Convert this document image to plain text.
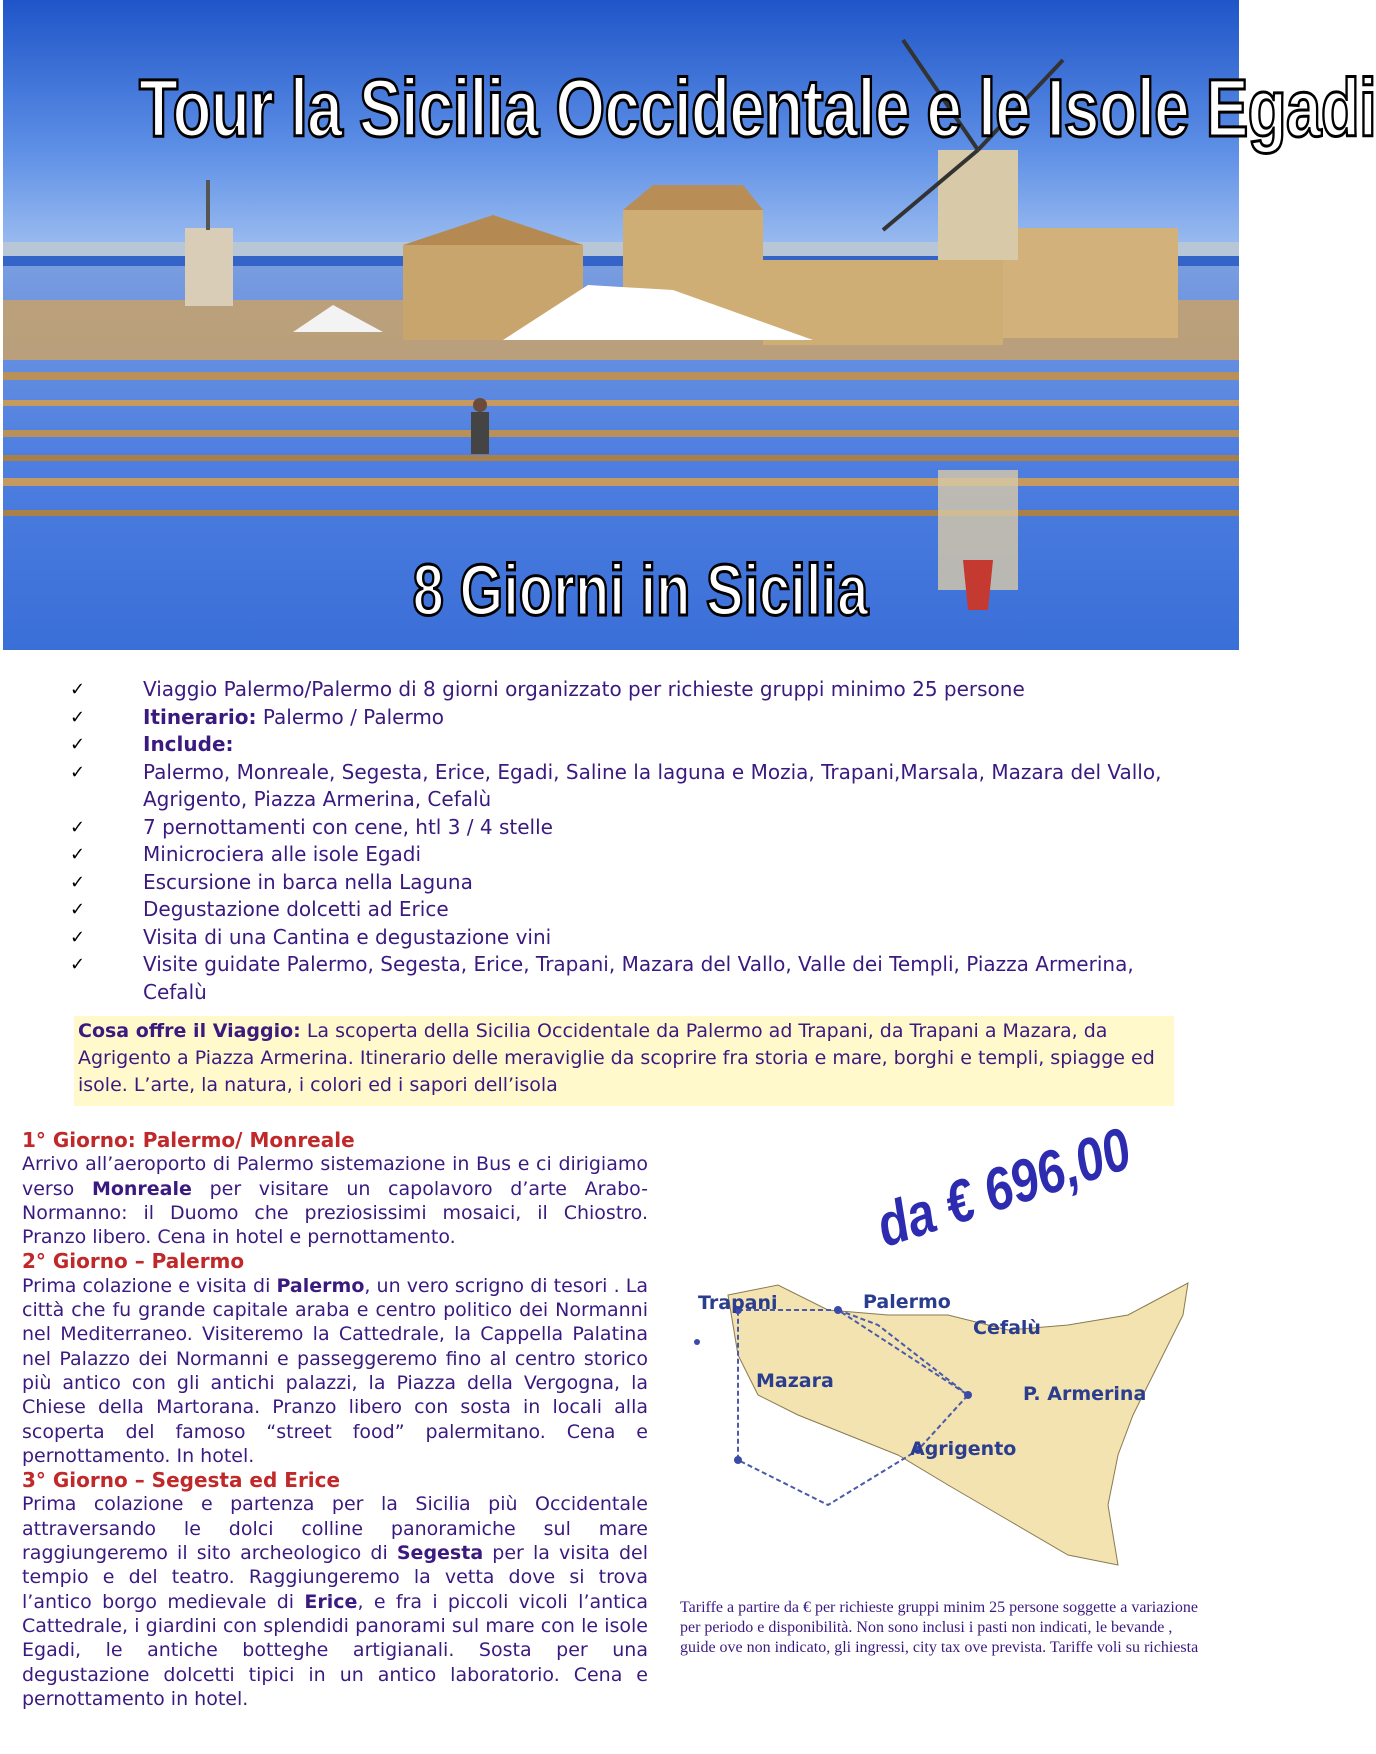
Tour la Sicilia Occidentale e le Isole Egadi
8 Giorni in Sicilia
✓	Viaggio Palermo/Palermo di 8 giorni organizzato per richieste gruppi minimo 25 persone
✓	Itinerario: Palermo / Palermo
✓	Include:
✓	Palermo, Monreale, Segesta, Erice, Egadi, Saline la laguna e Mozia, Trapani,Marsala, Mazara del Vallo, Agrigento, Piazza Armerina, Cefalù
✓	7 pernottamenti con cene, htl 3 / 4 stelle
✓	Minicrociera alle isole Egadi
✓	Escursione in barca nella Laguna
✓	Degustazione dolcetti ad Erice
✓	Visita di una Cantina e degustazione vini
✓	Visite guidate Palermo, Segesta, Erice, Trapani, Mazara del Vallo, Valle dei Templi, Piazza Armerina, Cefalù
Cosa offre il Viaggio: La scoperta della Sicilia Occidentale da Palermo ad Trapani, da Trapani a Mazara, da Agrigento a Piazza Armerina. Itinerario delle meraviglie da scoprire fra storia e mare, borghi e templi, spiagge ed isole. L’arte, la natura, i colori ed i sapori dell’isola
1° Giorno: Palermo/ Monreale

Arrivo all’aeroporto di Palermo sistemazione in Bus e ci dirigiamo verso Monreale per visitare un capolavoro d’arte Arabo-Normanno: il Duomo che preziosissimi mosaici, il Chiostro. Pranzo libero. Cena in hotel e pernottamento.

2° Giorno – Palermo

Prima colazione e visita di Palermo, un vero scrigno di tesori . La città che fu grande capitale araba e centro politico dei Normanni nel Mediterraneo. Visiteremo la Cattedrale, la Cappella Palatina nel Palazzo dei Normanni e passeggeremo fino al centro storico più antico con gli antichi palazzi, la Piazza della Vergogna, la Chiese della Martorana. Pranzo libero con sosta in locali alla scoperta del famoso “street food” palermitano. Cena e pernottamento. In hotel.

3° Giorno – Segesta ed Erice

Prima colazione e partenza per la Sicilia più Occidentale attraversando le dolci colline panoramiche sul mare raggiungeremo il sito archeologico di Segesta per la visita del tempio e del teatro. Raggiungeremo la vetta dove si trova l’antico borgo medievale di Erice, e fra i piccoli vicoli l’antica Cattedrale, i giardini con splendidi panorami sul mare con le isole Egadi, le antiche botteghe artigianali. Sosta per una degustazione dolcetti tipici in un antico laboratorio. Cena e pernottamento in hotel.

da € 696,00
Trapani	Palermo
Cefalù
Mazara
P. Armerina
Agrigento
Tariffe a partire da € per richieste gruppi minim 25 persone soggette a variazione per periodo e disponibilità. Non sono inclusi i pasti non indicati, le bevande , guide ove non indicato, gli ingressi, city tax ove prevista. Tariffe voli su richiesta
